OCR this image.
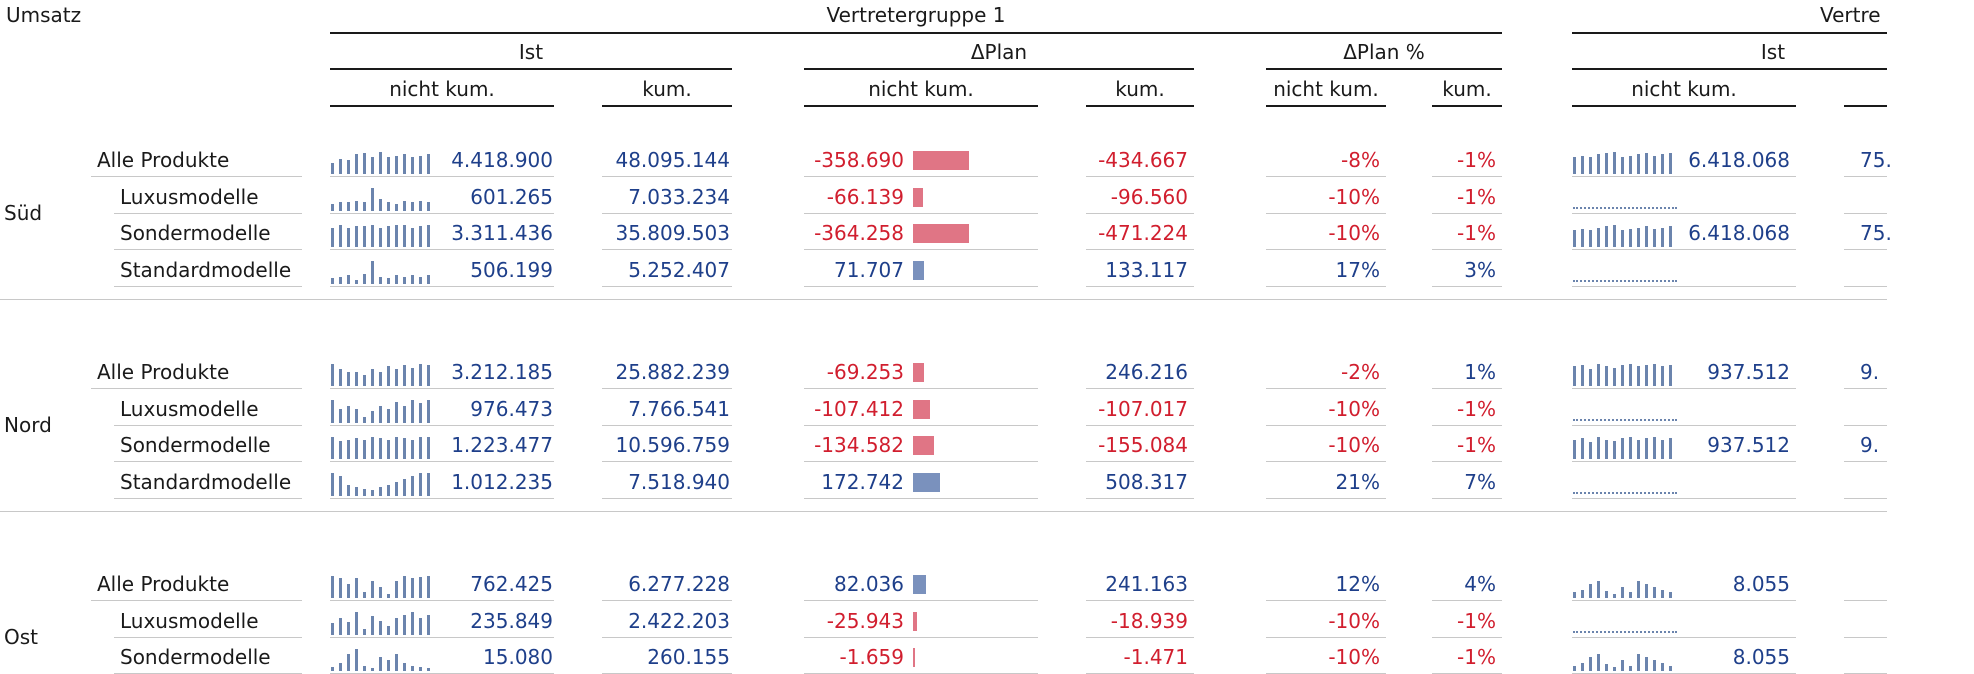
Umsatz	Vertretergruppe 1	Vertre
Ist	ΔPlan	ΔPlan %	Ist
nicht kum.	kum.	nicht kum.	kum.	nicht kum.	kum.	nicht kum.
Süd
Alle Produkte	4.418.900	48.095.144	-358.690	-434.667	-8%	-1%	6.418.068	75.
Luxusmodelle	601.265	7.033.234	-66.139	-96.560	-10%	-1%
Sondermodelle	3.311.436	35.809.503	-364.258	-471.224	-10%	-1%	6.418.068	75.
Standardmodelle	506.199	5.252.407	71.707	133.117	17%	3%
Nord
Alle Produkte	3.212.185	25.882.239	-69.253	246.216	-2%	1%	937.512	9.
Luxusmodelle	976.473	7.766.541	-107.412	-107.017	-10%	-1%
Sondermodelle	1.223.477	10.596.759	-134.582	-155.084	-10%	-1%	937.512	9.
Standardmodelle	1.012.235	7.518.940	172.742	508.317	21%	7%
Ost
Alle Produkte	762.425	6.277.228	82.036	241.163	12%	4%	8.055
Luxusmodelle	235.849	2.422.203	-25.943	-18.939	-10%	-1%
Sondermodelle	15.080	260.155	-1.659	-1.471	-10%	-1%	8.055
